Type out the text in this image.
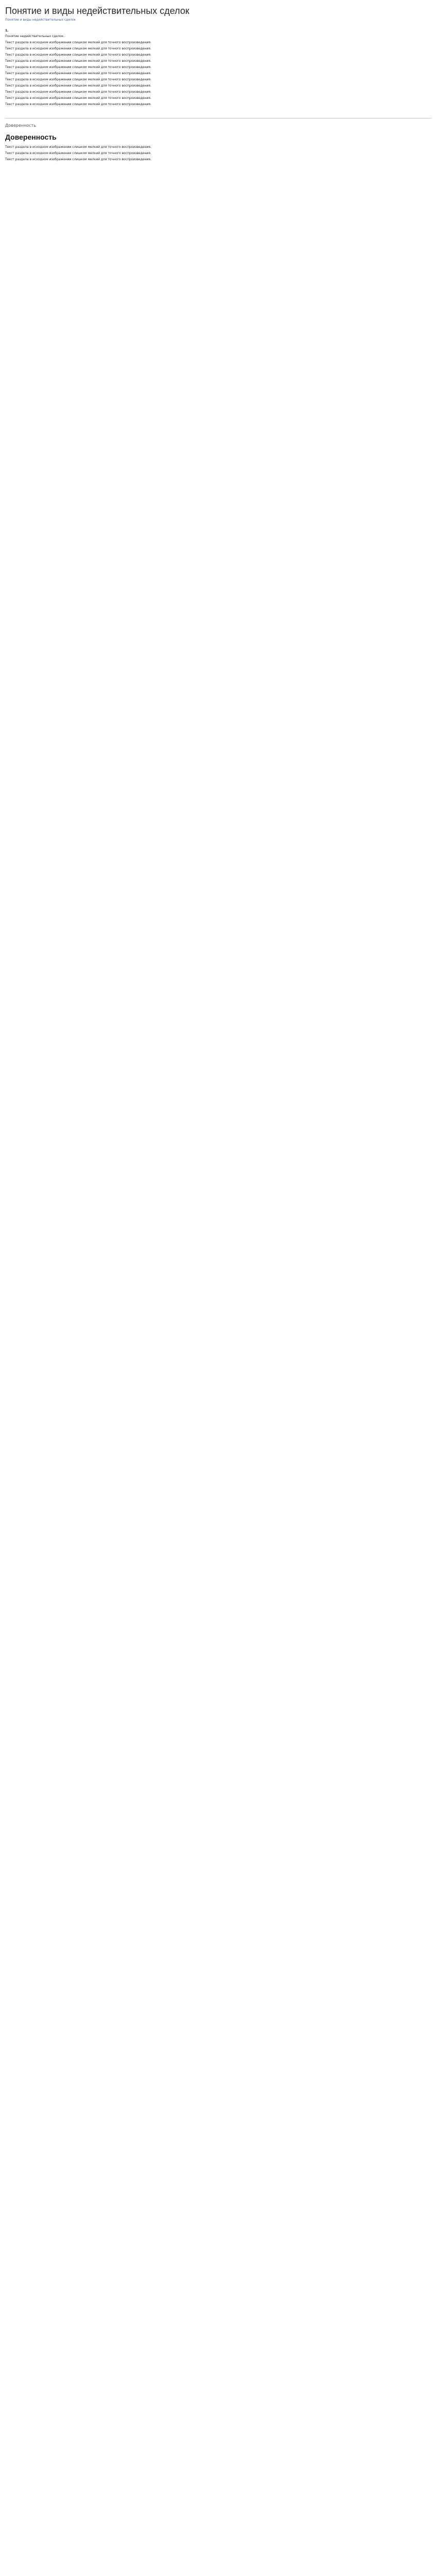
Понятие и виды недействительных сделок
Понятие и виды недействительных сделок
1.

Понятие недействительных сделок.

Текст раздела в исходном изображении слишком мелкий для точного воспроизведения.

Текст раздела в исходном изображении слишком мелкий для точного воспроизведения.

Текст раздела в исходном изображении слишком мелкий для точного воспроизведения.

Текст раздела в исходном изображении слишком мелкий для точного воспроизведения.

Текст раздела в исходном изображении слишком мелкий для точного воспроизведения.

Текст раздела в исходном изображении слишком мелкий для точного воспроизведения.

Текст раздела в исходном изображении слишком мелкий для точного воспроизведения.

Текст раздела в исходном изображении слишком мелкий для точного воспроизведения.

Текст раздела в исходном изображении слишком мелкий для точного воспроизведения.

Текст раздела в исходном изображении слишком мелкий для точного воспроизведения.

Текст раздела в исходном изображении слишком мелкий для точного воспроизведения.

Доверенность
Доверенность

Текст раздела в исходном изображении слишком мелкий для точного воспроизведения.

Текст раздела в исходном изображении слишком мелкий для точного воспроизведения.

Текст раздела в исходном изображении слишком мелкий для точного воспроизведения.
